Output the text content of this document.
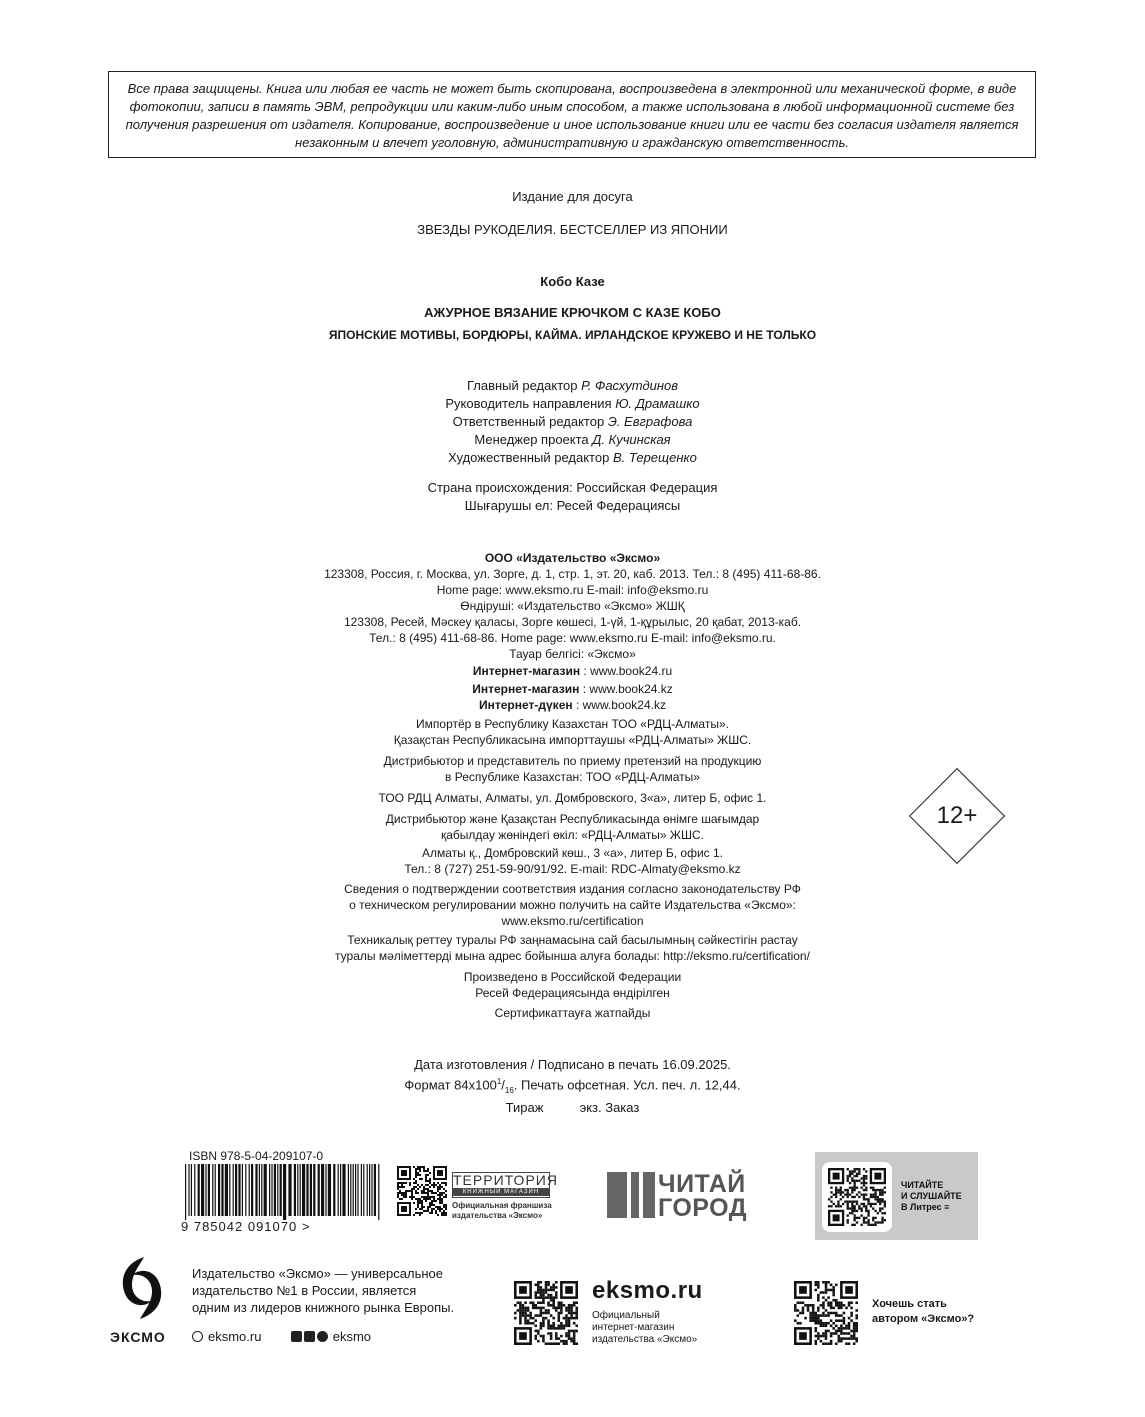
Все права защищены. Книга или любая ее часть не может быть скопирована, воспроизведена в электронной или механической форме, в виде фотокопии, записи в память ЭВМ, репродукции или каким-либо иным способом, а также использована в любой информационной системе без получения разрешения от издателя. Копирование, воспроизведение и иное использование книги или ее части без согласия издателя является незаконным и влечет уголовную, административную и гражданскую ответственность.
Издание для досуга
ЗВЕЗДЫ РУКОДЕЛИЯ. БЕСТСЕЛЛЕР ИЗ ЯПОНИИ
Кобо Казе
АЖУРНОЕ ВЯЗАНИЕ КРЮЧКОМ С КАЗЕ КОБО
ЯПОНСКИЕ МОТИВЫ, БОРДЮРЫ, КАЙМА. ИРЛАНДСКОЕ КРУЖЕВО И НЕ ТОЛЬКО
Главный редактор Р. Фасхутдинов
Руководитель направления Ю. Драмашко
Ответственный редактор Э. Евграфова
Менеджер проекта Д. Кучинская
Художественный редактор В. Терещенко
Страна происхождения: Российская Федерация
Шығарушы ел: Ресей Федерациясы
ООО «Издательство «Эксмо»
123308, Россия, г. Москва, ул. Зорге, д. 1, стр. 1, эт. 20, каб. 2013. Тел.: 8 (495) 411-68-86.
Home page: www.eksmo.ru E-mail: info@eksmo.ru
Өндіруші: «Издательство «Эксмо» ЖШҚ
123308, Ресей, Мәскеу қаласы, Зорге көшесі, 1-үй, 1-құрылыс, 20 қабат, 2013-каб.
Тел.: 8 (495) 411-68-86. Home page: www.eksmo.ru E-mail: info@eksmo.ru.
Тауар белгісі: «Эксмо»
Интернет-магазин : www.book24.ru
Интернет-магазин : www.book24.kz
Интернет-дүкен : www.book24.kz
Импортёр в Республику Казахстан ТОО «РДЦ-Алматы».
Қазақстан Республикасына импорттаушы «РДЦ-Алматы» ЖШС.
Дистрибьютор и представитель по приему претензий на продукцию
в Республике Казахстан: ТОО «РДЦ-Алматы»
ТОО РДЦ Алматы, Алматы, ул. Домбровского, 3«а», литер Б, офис 1.
Дистрибьютор және Қазақстан Республикасында өнімге шағымдар
қабылдау жөніндегі өкіл: «РДЦ-Алматы» ЖШС.
Алматы қ., Домбровский көш., 3 «а», литер Б, офис 1.
Тел.: 8 (727) 251-59-90/91/92. E-mail: RDC-Almaty@eksmo.kz
Сведения о подтверждении соответствия издания согласно законодательству РФ
о техническом регулировании можно получить на сайте Издательства «Эксмо»:
www.eksmo.ru/certification
Техникалық реттеу туралы РФ заңнамасына сай басылымның сәйкестігін растау
туралы мәліметтерді мына адрес бойынша алуға болады: http://eksmo.ru/certification/
Произведено в Российской Федерации
Ресей Федерациясында өндірілген
Сертификаттауға жатпайды
Дата изготовления / Подписано в печать 16.09.2025.
Формат $84x100^1/_{16}$. Печать офсетная. Усл. печ. л. 12,44.
Тираж          экз. Заказ
12+
ISBN 978-5-04-209107-0
9 785042 091070 >
ТЕРРИТОРИЯ
КНИЖНЫЙ МАГАЗИН
Официальная франшиза
издательства «Эксмо»
ЧИТАЙ
ГОРОД
ЧИТАЙТЕ
И СЛУШАЙТЕ
В Литрес ≡
ЭКСМО
Издательство «Эксмо» — универсальное
издательство №1 в России, является
одним из лидеров книжного рынка Европы.
eksmo.ru	eksmo
eksmo.ru
Официальный
интернет-магазин
издательства «Эксмо»
Хочешь стать
автором «Эксмо»?
